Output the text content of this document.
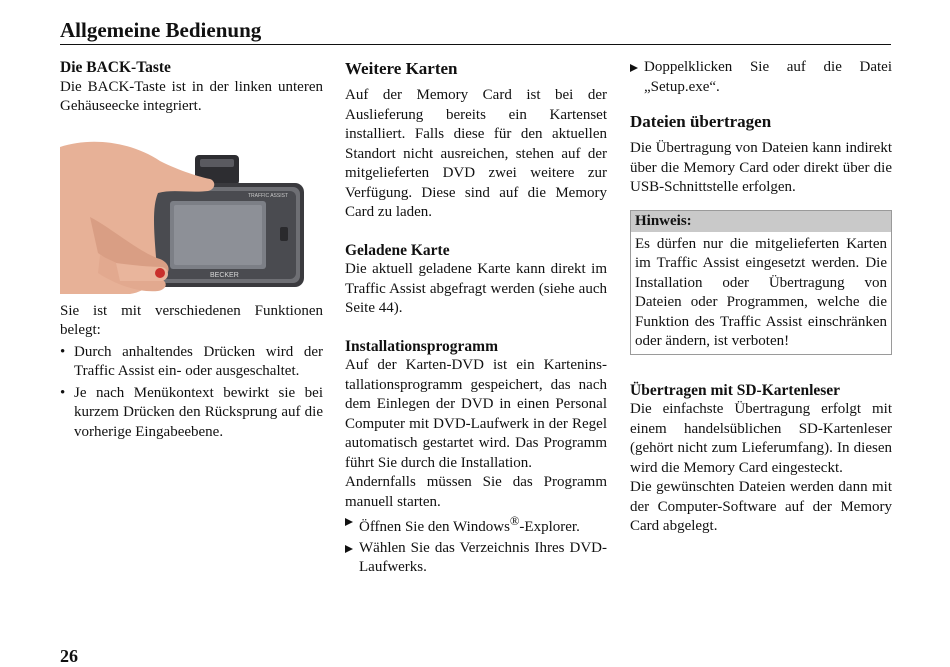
Allgemeine Bedienung
Die BACK-Taste

Die BACK-Taste ist in der linken unteren Gehäuseecke integriert.

BECKER
TRAFFIC ASSIST

Sie ist mit verschiedenen Funktionen belegt:

• Durch anhaltendes Drücken wird der Traffic Assist ein- oder ausgeschaltet.
• Je nach Menükontext bewirkt sie bei kurzem Drücken den Rücksprung auf die vorherige Eingabeebene.
Weitere Karten

Auf der Memory Card ist bei der Auslieferung bereits ein Kartenset installiert. Falls diese für den aktuellen Standort nicht ausreichen, stehen auf der mitgelieferten DVD zwei weitere zur Verfügung. Diese sind auf die Memory Card zu laden.

Geladene Karte

Die aktuell geladene Karte kann direkt im Traffic Assist abgefragt werden (siehe auch Seite 44).

Installationsprogramm

Auf der Karten-DVD ist ein Karteninstallationsprogramm gespeichert, das nach dem Einlegen der DVD in einen Personal Computer mit DVD-Laufwerk in der Regel automatisch gestartet wird. Das Programm führt Sie durch die Installation.

Andernfalls müssen Sie das Programm manuell starten.

Öffnen Sie den Windows®-Explorer.
Wählen Sie das Verzeichnis Ihres DVD-Laufwerks.
Doppelklicken Sie auf die Datei „Setup.exe“.
Dateien übertragen

Die Übertragung von Dateien kann indirekt über die Memory Card oder direkt über die USB-Schnittstelle erfolgen.

Hinweis:
Es dürfen nur die mitgelieferten Karten im Traffic Assist eingesetzt werden. Die Installation oder Übertragung von Dateien oder Programmen, welche die Funktion des Traffic Assist einschränken oder ändern, ist verboten!
Übertragen mit SD-Kartenleser

Die einfachste Übertragung erfolgt mit einem handelsüblichen SD-Kartenleser (gehört nicht zum Lieferumfang). In diesen wird die Memory Card eingesteckt.

Die gewünschten Dateien werden dann mit der Computer-Software auf der Memory Card abgelegt.

26
